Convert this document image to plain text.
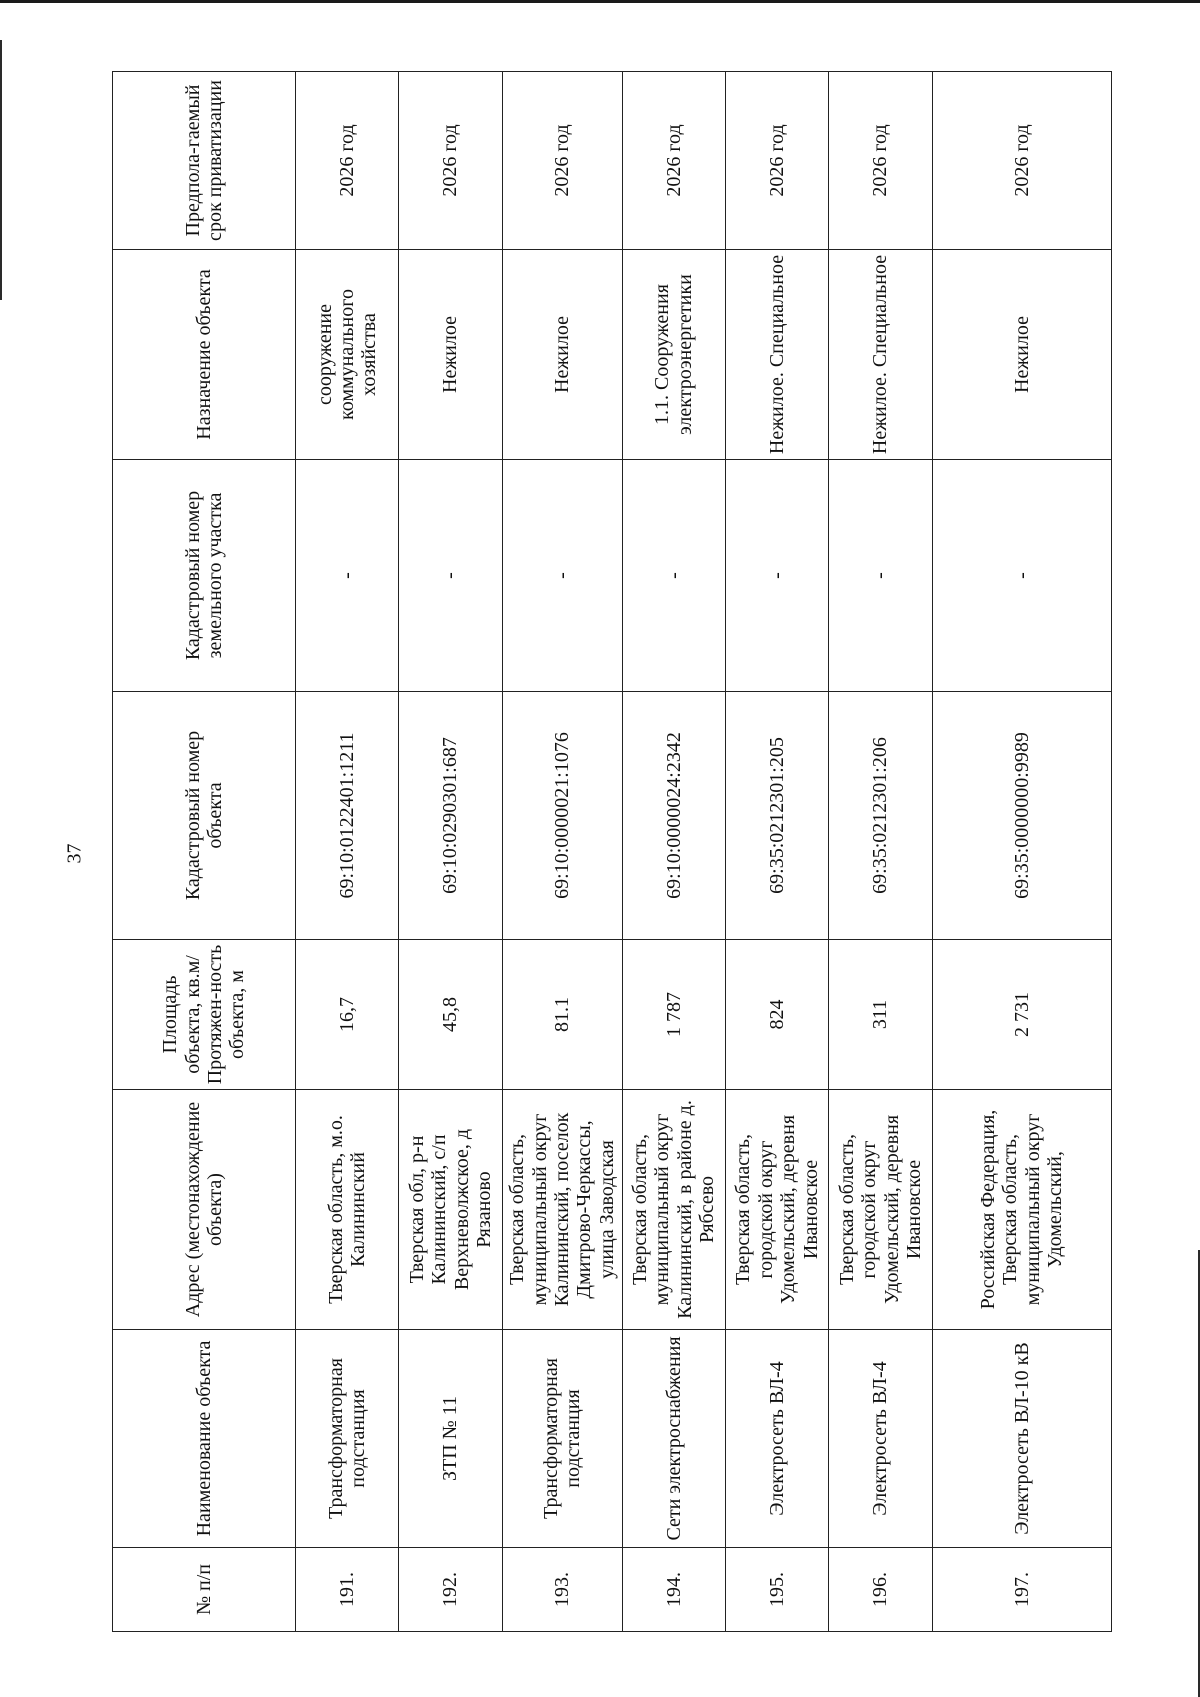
37
№ п/п	Наименование объекта	Адрес (местонахождение объекта)	Площадь объекта, кв.м/ Протяжен-ность объекта, м	Кадастровый номер объекта	Кадастровый номер земельного участка	Назначение объекта	Предпола-гаемый срок приватизации
191.	Трансформаторная подстанция	Тверская область, м.о. Калининский	16,7	69:10:0122401:1211	-	сооружение коммунального хозяйства	2026 год
192.	ЗТП № 11	Тверская обл, р-н Калининский, с/п Верхневолжское, д Рязаново	45,8	69:10:0290301:687	-	Нежилое	2026 год
193.	Трансформаторная подстанция	Тверская область, муниципальный округ Калининский, поселок Дмитрово-Черкассы, улица Заводская	81.1	69:10:0000021:1076	-	Нежилое	2026 год
194.	Сети электроснабжения	Тверская область, муниципальный округ Калининский, в районе д. Рябсево	1 787	69:10:0000024:2342	-	1.1. Сооружения электроэнергетики	2026 год
195.	Электросеть ВЛ-4	Тверская область, городской округ Удомельский, деревня Ивановское	824	69:35:0212301:205	-	Нежилое. Специальное	2026 год
196.	Электросеть ВЛ-4	Тверская область, городской округ Удомельский, деревня Ивановское	311	69:35:0212301:206	-	Нежилое. Специальное	2026 год
197.	Электросеть ВЛ-10 кВ	Российская Федерация, Тверская область, муниципальный округ Удомельский,	2 731	69:35:0000000:9989	-	Нежилое	2026 год
